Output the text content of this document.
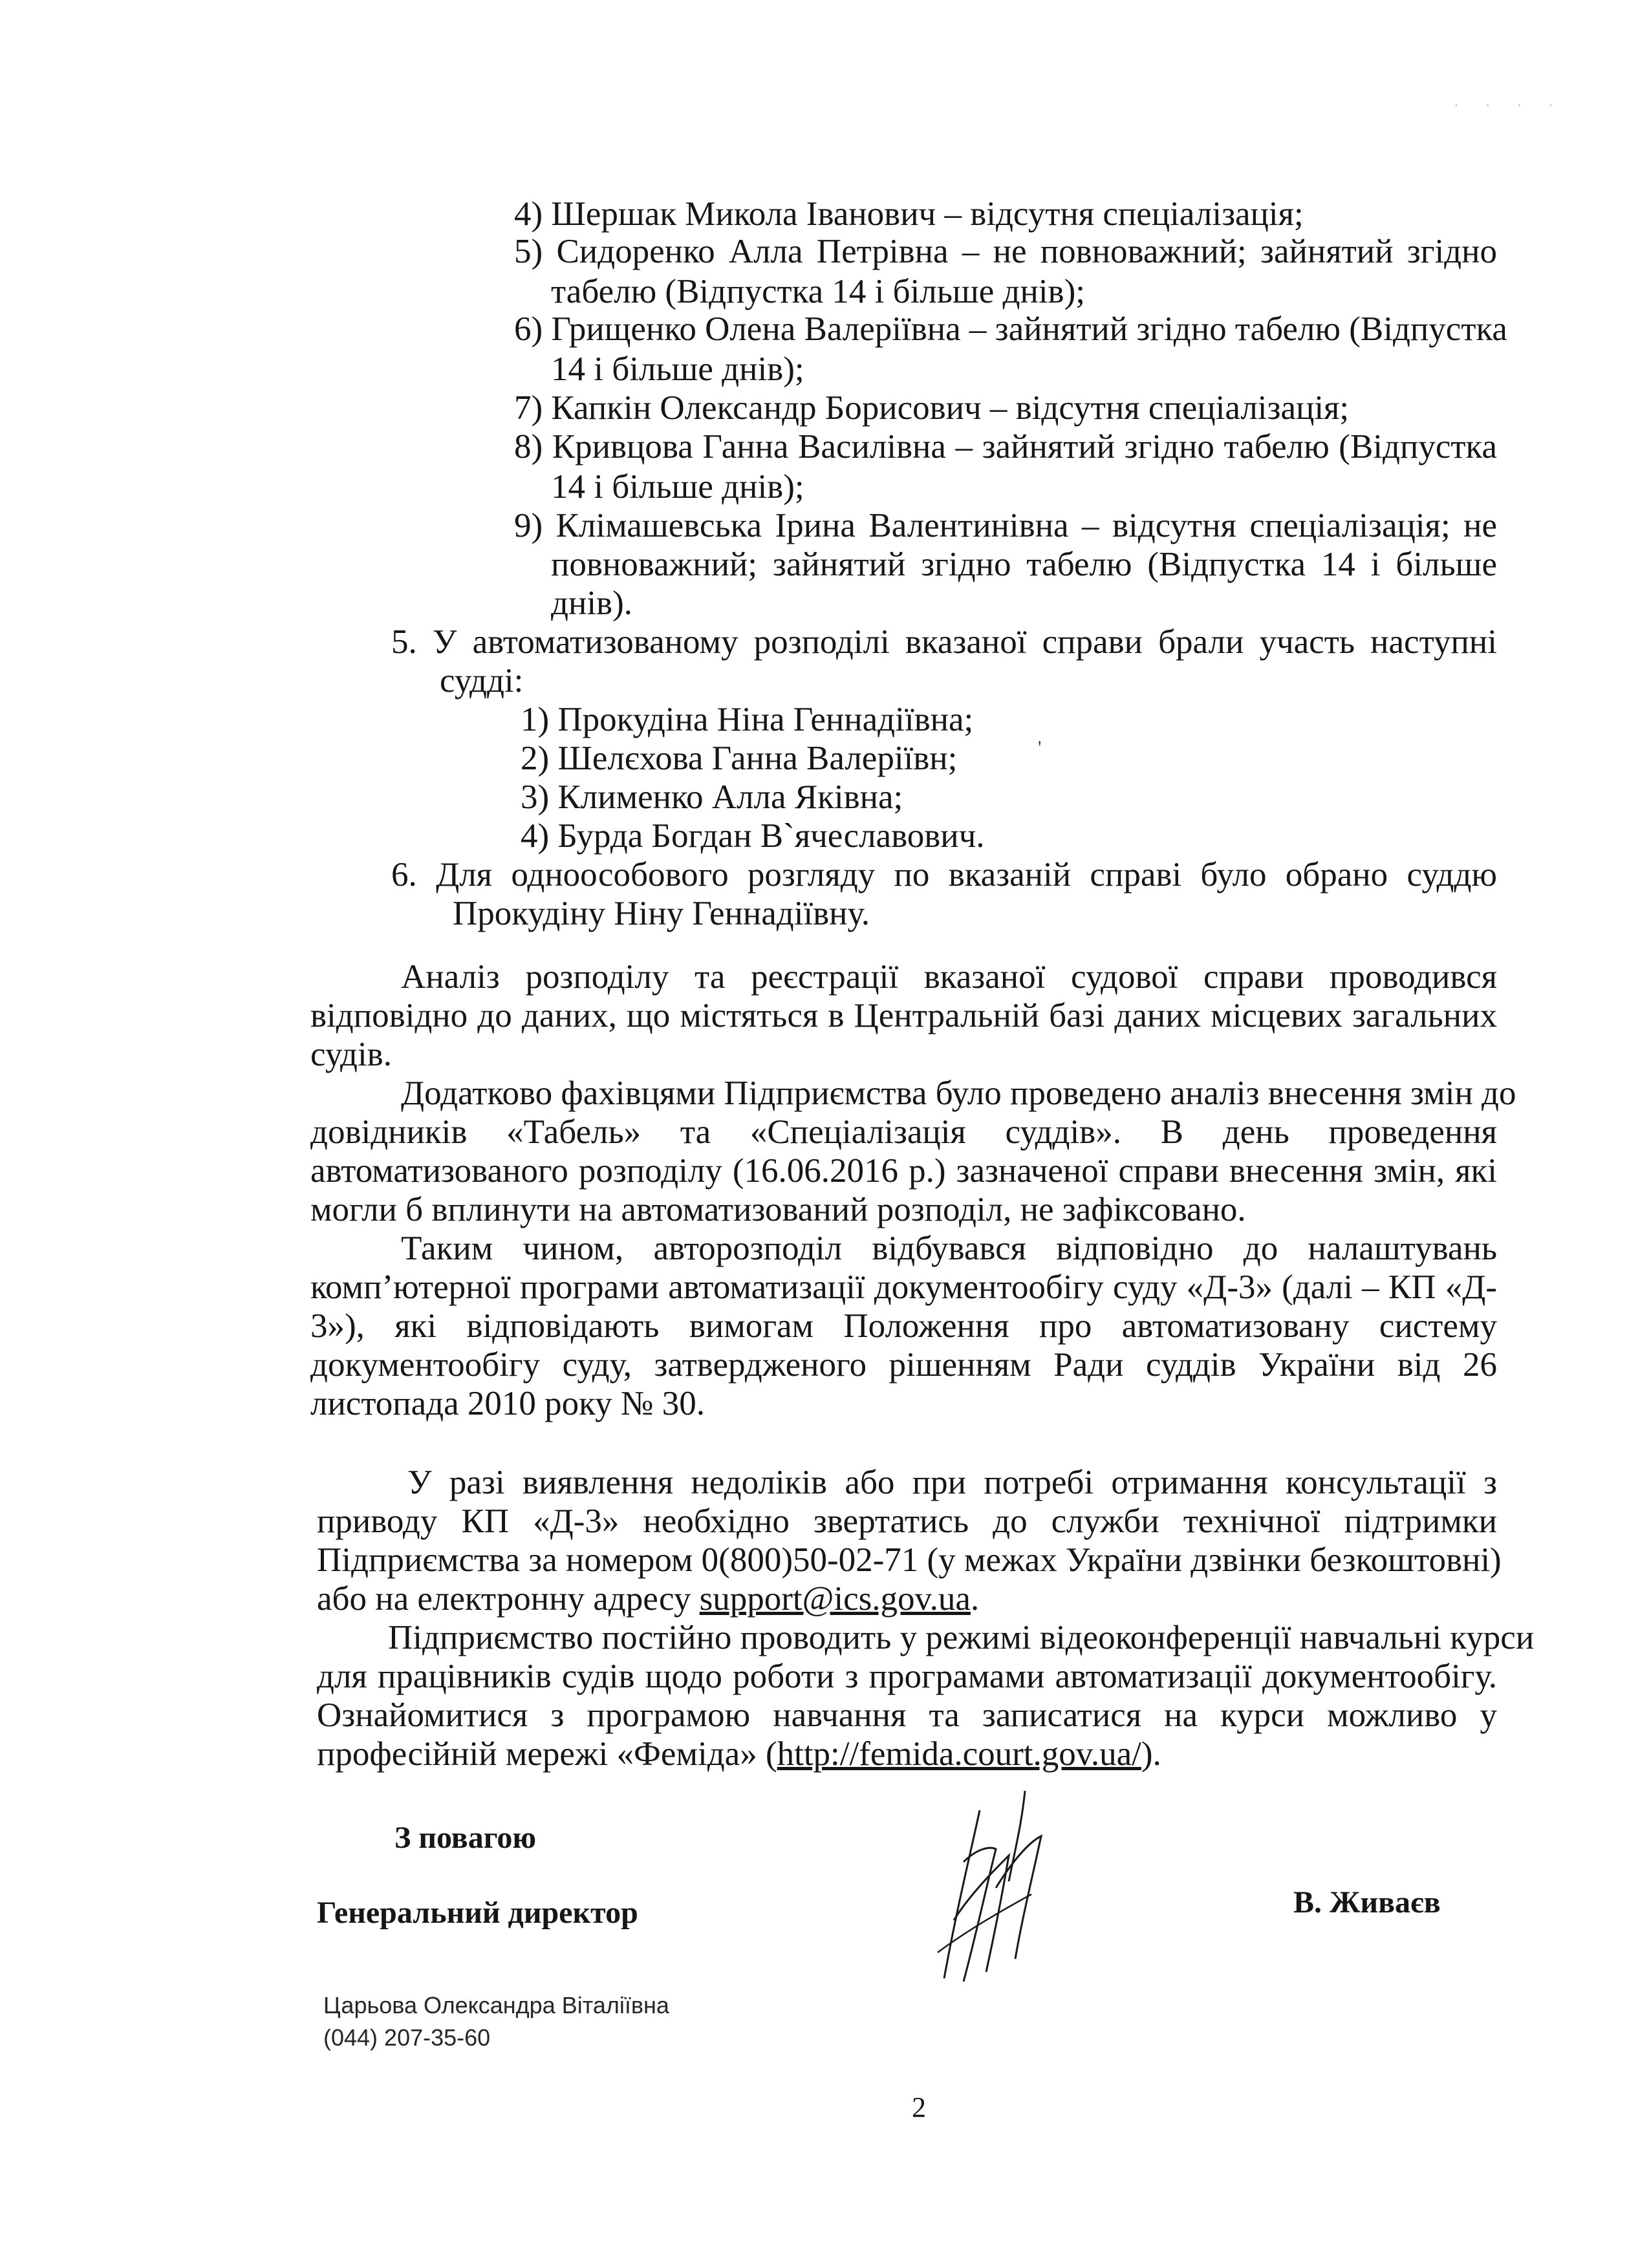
· · · ·
4) Шершак Микола Іванович – відсутня спеціалізація;
5) Сидоренко Алла Петрівна – не повноважний; зайнятий згідно
табелю (Відпустка 14 і більше днів);
6) Грищенко Олена Валеріївна – зайнятий згідно табелю (Відпустка
14 і більше днів);
7) Капкін Олександр Борисович – відсутня спеціалізація;
8) Кривцова Ганна Василівна – зайнятий згідно табелю (Відпустка
14 і більше днів);
9) Клімашевська Ірина Валентинівна – відсутня спеціалізація; не
повноважний; зайнятий згідно табелю (Відпустка 14 і більше
днів).
5. У автоматизованому розподілі вказаної справи брали участь наступні
судді:
1) Прокудіна Ніна Геннадіївна;
2) Шелєхова Ганна Валеріївн;	'
3) Клименко Алла Яківна;
4) Бурда Богдан В`ячеславович.
6. Для одноособового розгляду по вказаній справі було обрано суддю
Прокудіну Ніну Геннадіївну.
Аналіз розподілу та реєстрації вказаної судової справи проводився
відповідно до даних, що містяться в Центральній базі даних місцевих загальних
судів.
Додатково фахівцями Підприємства було проведено аналіз внесення змін до
довідників «Табель» та «Спеціалізація суддів». В день проведення
автоматизованого розподілу (16.06.2016 р.) зазначеної справи внесення змін, які
могли б вплинути на автоматизований розподіл, не зафіксовано.
Таким чином, авторозподіл відбувався відповідно до налаштувань
комп’ютерної програми автоматизації документообігу суду «Д-3» (далі – КП «Д-
3»), які відповідають вимогам Положення про автоматизовану систему
документообігу суду, затвердженого рішенням Ради суддів України від 26
листопада 2010 року № 30.
У разі виявлення недоліків або при потребі отримання консультації з
приводу КП «Д-3» необхідно звертатись до служби технічної підтримки
Підприємства за номером 0(800)50-02-71 (у межах України дзвінки безкоштовні)
або на електронну адресу support@ics.gov.ua.
Підприємство постійно проводить у режимі відеоконференції навчальні курси
для працівників судів щодо роботи з програмами автоматизації документообігу.
Ознайомитися з програмою навчання та записатися на курси можливо у
професійній мережі «Феміда» (http://femida.court.gov.ua/).
З повагою
Генеральний директор	В. Живаєв
Царьова Олександра Віталіївна
(044) 207-35-60
2
